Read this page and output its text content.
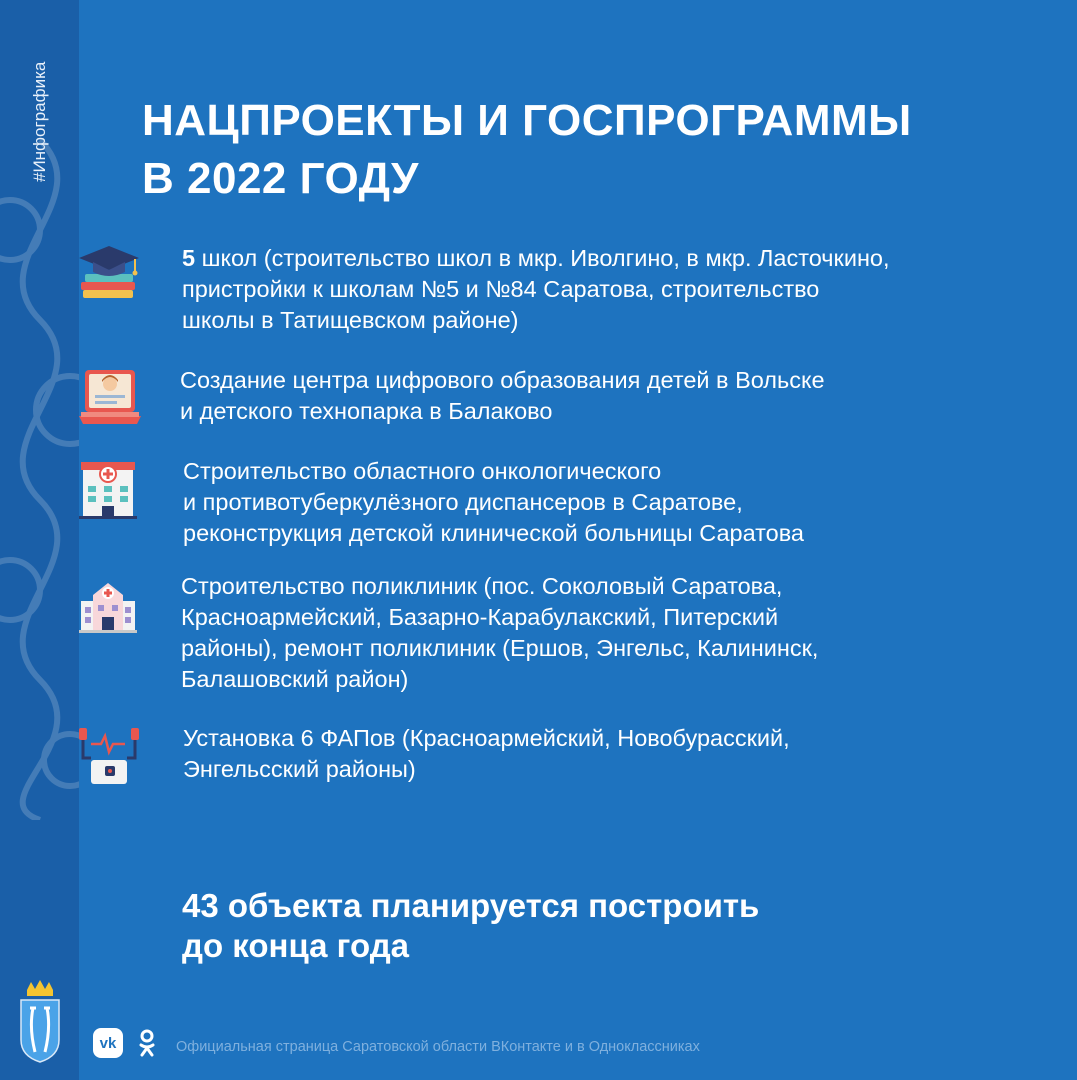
#Инфографика НАЦПРОЕКТЫ И ГОСПРОГРАММЫ
В 2022 ГОДУ
5 школ (строительство школ в мкр. Иволгино, в мкр. Ласточкино,
пристройки к школам №5 и №84 Саратова, строительство
школы в Татищевском районе)
Создание центра цифрового образования детей в Вольске
и детского технопарка в Балаково
Строительство областного онкологического
и противотуберкулёзного диспансеров в Саратове,
реконструкция детской клинической больницы Саратова
Строительство поликлиник (пос. Соколовый Саратова,
Красноармейский, Базарно-Карабулакский, Питерский
районы), ремонт поликлиник (Ершов, Энгельс, Калининск,
Балашовский район)
Установка 6 ФАПов (Красноармейский, Новобурасский,
Энгельсский районы)
43 объекта планируется построить
до конца года
vk	Официальная страница Саратовской области ВКонтакте и в Одноклассниках
